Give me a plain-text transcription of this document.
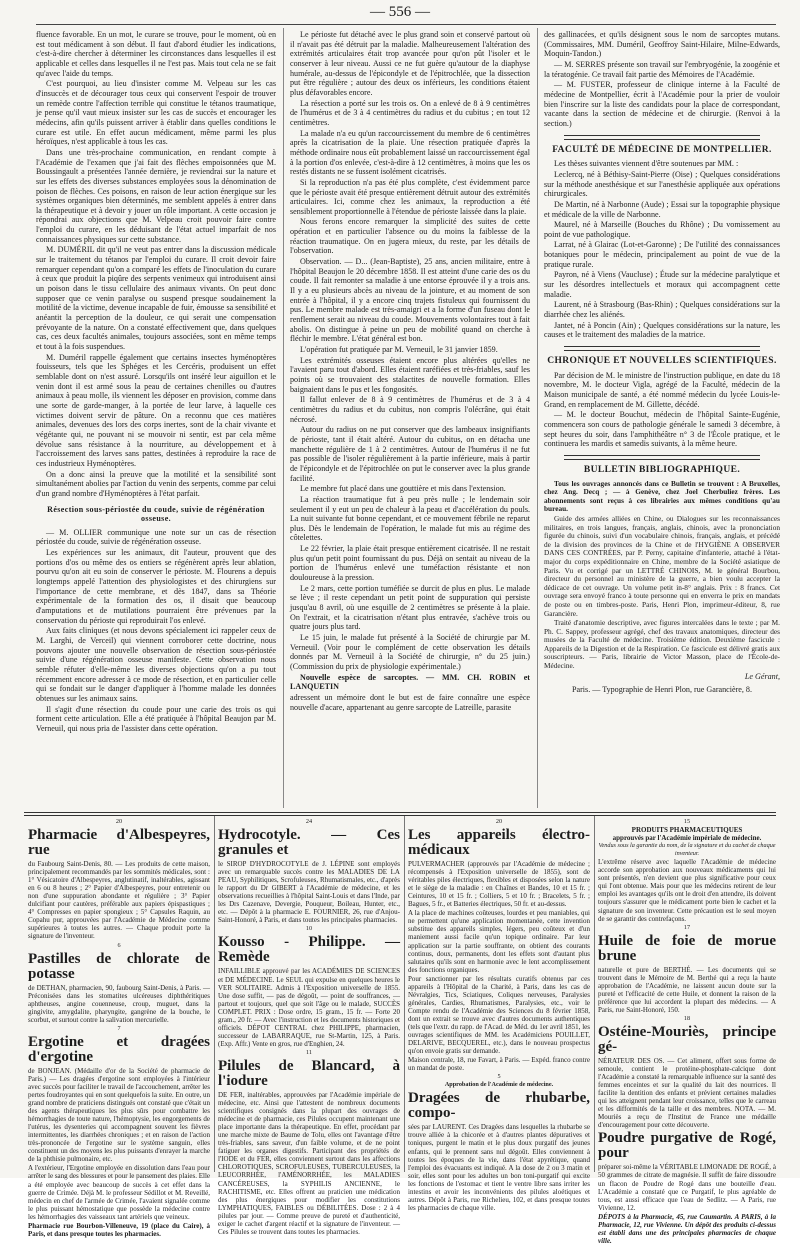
— 556 —

fluence favorable. En un mot, le curare se trouve, pour le moment, où en est tout médicament à son début. Il faut d'abord étudier les indications, c'est-à-dire chercher à déterminer les circonstances dans lesquelles il est applicable et celles dans lesquelles il ne l'est pas. Mais tout cela ne se fait qu'avec l'aide du temps.

C'est pourquoi, au lieu d'insister comme M. Velpeau sur les cas d'insuccès et de décourager tous ceux qui conservent l'espoir de trouver un remède contre l'affection terrible qui constitue le tétanos traumatique, je pense qu'il vaut mieux insister sur les cas de succès et encourager les médecins, afin qu'ils puissent arriver à établir dans quelles conditions le curare est utile. En effet aucun médicament, même parmi les plus héroïques, n'est applicable à tous les cas.

Dans une très-prochaine communication, en rendant compte à l'Académie de l'examen que j'ai fait des flèches empoisonnées que M. Boussingault a présentées l'année dernière, je reviendrai sur la nature et sur les effets des diverses substances employées sous la dénomination de poison de flèches. Ces poisons, en raison de leur action énergique sur les systèmes organiques bien déterminés, me semblent appelés à entrer dans la thérapeutique et à devoir y jouer un rôle important. A cette occasion je répondrai aux objections que M. Velpeau croit pouvoir faire contre l'emploi du curare, en les déduisant de l'état actuel imparfait de nos connaissances physiques sur cette substance.

M. DUMÉRIL dit qu'il ne veut pas entrer dans la discussion médicale sur le traitement du tétanos par l'emploi du curare. Il croit devoir faire remarquer cependant qu'on a comparé les effets de l'inoculation du curare à ceux que produit la piqûre des serpents venimeux qui introduisent ainsi un poison dans le tissu cellulaire des animaux vivants. On peut donc supposer que ce venin paralyse ou suspend presque soudainement la motilité de la victime, devenue incapable de fuir, émousse sa sensibilité et anéantit la perception de la douleur, ce qui serait une compensation prévoyante de la nature. On a constaté effectivement que, dans quelques cas, ces deux facultés animales, toujours associées, sont en même temps et tout à la fois suspendues.

M. Duméril rappelle également que certains insectes hyménoptères fouisseurs, tels que les Sphéges et les Cercéris, produisent un effet semblable dont on n'est assuré. Lorsqu'ils ont inséré leur aiguillon et le venin dont il est armé sous la peau de certaines chenilles ou d'autres animaux à peau molle, ils viennent les déposer en provision, comme dans une sorte de garde-manger, à la portée de leur larve, à laquelle ces victimes doivent servir de pâture. On a reconnu que ces matières animales, devenues des lors des corps inertes, sont de la chair vivante et végétante qui, ne pouvant ni se mouvoir ni sentir, est par cela même dévolue sans résistance à la nourriture, au développement et à l'accroissement des larves sans pattes, destinées à reproduire la race de ces industrieux Hyménoptères.

On a donc ainsi la preuve que la motilité et la sensibilité sont simultanément abolies par l'action du venin des serpents, comme par celui d'un grand nombre d'Hyménoptères à l'état parfait.

Résection sous-périostée du coude, suivie de régénération osseuse.

— M. OLLIER communique une note sur un cas de résection périostée du coude, suivie de régénération osseuse.

Les expériences sur les animaux, dit l'auteur, prouvent que des portions d'os ou même des os entiers se régénèrent après leur ablation, pourvu qu'on ait eu soin de conserver le périoste. M. Flourens a depuis longtemps appelé l'attention des physiologistes et des chirurgiens sur l'importance de cette membrane, et dès 1847, dans sa Théorie expérimentale de la formation des os, il disait que beaucoup d'amputations et de mutilations pourraient être prévenues par la conservation du périoste qui reproduirait l'os enlevé.

Aux faits cliniques (et nous devons spécialement ici rappeler ceux de M. Larghi, de Verceil) qui viennent corroborer cette doctrine, nous pouvons ajouter une nouvelle observation de résection sous-périostée suivie d'une régénération osseuse manifeste. Cette observation nous semble réfuter d'elle-même les diverses objections qu'on a pu tout récemment encore adresser à ce mode de résection, et en particulier celle qui se fondait sur le danger d'appliquer à l'homme malade les données obtenues sur les animaux sains.

Il s'agit d'une résection du coude pour une carie des trois os qui forment cette articulation. Elle a été pratiquée à l'hôpital Beaujon par M. Verneuil, qui nous pria de l'assister dans cette opération.

Le périoste fut détaché avec le plus grand soin et conservé partout où il n'avait pas été détruit par la maladie. Malheureusement l'altération des extrémités articulaires était trop avancée pour qu'on pût l'isoler et le conserver à leur niveau. Aussi ce ne fut guère qu'autour de la diaphyse humérale, au-dessus de l'épicondyle et de l'épitrochlée, que la dissection put être régulière ; autour des deux os inférieurs, les conditions étaient plus défavorables encore.

La résection a porté sur les trois os. On a enlevé de 8 à 9 centimètres de l'humérus et de 3 à 4 centimètres du radius et du cubitus ; en tout 12 centimètres.

La malade n'a eu qu'un raccourcissement du membre de 6 centimètres après la cicatrisation de la plaie. Une résection pratiquée d'après la méthode ordinaire nous eût probablement laissé un raccourcissement égal à la portion d'os enlevée, c'est-à-dire à 12 centimètres, à moins que les os restés distants ne se fussent isolément cicatrisés.

Si la reproduction n'a pas été plus complète, c'est évidemment parce que le périoste avait été presque entièrement détruit autour des extrémités articulaires. Ici, comme chez les animaux, la reproduction a été sensiblement proportionnelle à l'étendue de périoste laissée dans la plaie.

Nous ferons encore remarquer la simplicité des suites de cette opération et en particulier l'absence ou du moins la faiblesse de la réaction traumatique. On en jugera mieux, du reste, par les détails de l'observation.

Observation. — D... (Jean-Baptiste), 25 ans, ancien militaire, entre à l'hôpital Beaujon le 20 décembre 1858. Il est atteint d'une carie des os du coude. Il fait remonter sa maladie à une entorse éprouvée il y a trois ans. Il y a eu plusieurs abcès au niveau de la jointure, et au moment de son entrée à l'hôpital, il y a encore cinq trajets fistuleux qui fournissent du pus. Le membre malade est très-amaigri et a la forme d'un fuseau dont le renflement serait au niveau du coude. Mouvements volontaires tout à fait abolis. On distingue à peine un peu de mobilité quand on cherche à fléchir le membre. L'état général est bon.

L'opération fut pratiquée par M. Verneuil, le 31 janvier 1859.

Les extrémités osseuses étaient encore plus altérées qu'elles ne l'avaient paru tout d'abord. Elles étaient raréfiées et très-friables, sauf les points où se trouvaient des stalactites de nouvelle formation. Elles baignaient dans le pus et les fongosités.

Il fallut enlever de 8 à 9 centimètres de l'humérus et de 3 à 4 centimètres du radius et du cubitus, non compris l'olécrâne, qui était nécrosé.

Autour du radius on ne put conserver que des lambeaux insignifiants de périoste, tant il était altéré. Autour du cubitus, on en détacha une manchette régulière de 1 à 2 centimètres. Autour de l'humérus il ne fut pas possible de l'isoler régulièrement à la partie inférieure, mais à partir de l'épicondyle et de l'épitrochlée on put le conserver avec la plus grande facilité.

Le membre fut placé dans une gouttière et mis dans l'extension.

La réaction traumatique fut à peu près nulle ; le lendemain soir seulement il y eut un peu de chaleur à la peau et d'accélération du pouls. La nuit suivante fut bonne cependant, et ce mouvement fébrile ne reparut plus. Dès le lendemain de l'opération, le malade fut mis au régime des côtelettes.

Le 22 février, la plaie était presque entièrement cicatrisée. Il ne restait plus qu'un petit point fournissant du pus. Déjà on sentait au niveau de la portion de l'humérus enlevé une tuméfaction résistante et non douloureuse à la pression.

Le 2 mars, cette portion tuméfiée se durcit de plus en plus. Le malade se lève ; il reste cependant un petit point de suppuration qui persiste jusqu'au 8 avril, où une esquille de 2 centimètres se présente à la plaie. On l'extrait, et la cicatrisation n'étant plus entravée, s'achève trois ou quatre jours plus tard.

Le 15 juin, le malade fut présenté à la Société de chirurgie par M. Verneuil. (Voir pour le complément de cette observation les détails donnés par M. Verneuil à la Société de chirurgie, n° du 25 juin.) (Commission du prix de physiologie expérimentale.)

Nouvelle espèce de sarcoptes. — MM. CH. ROBIN et LANQUETIN

adressent un mémoire dont le but est de faire connaître une espèce nouvelle d'acare, appartenant au genre sarcopte de Latreille, parasite

des gallinacées, et qu'ils désignent sous le nom de sarcoptes mutans. (Commissaires, MM. Duméril, Geoffroy Saint-Hilaire, Milne-Edwards, Moquin-Tandon.)

— M. SERRES présente son travail sur l'embryogénie, la zoogénie et la tératogénie. Ce travail fait partie des Mémoires de l'Académie.

— M. FUSTER, professeur de clinique interne à la Faculté de médecine de Montpellier, écrit à l'Académie pour la prier de vouloir bien l'inscrire sur la liste des candidats pour la place de correspondant, vacante dans la section de médecine et de chirurgie. (Renvoi à la section.)

FACULTÉ DE MÉDECINE DE MONTPELLIER.

Les thèses suivantes viennent d'être soutenues par MM. :

Leclercq, né à Béthisy-Saint-Pierre (Oise) ; Quelques considérations sur la méthode anesthésique et sur l'anesthésie appliquée aux opérations chirurgicales.

De Martin, né à Narbonne (Aude) ; Essai sur la topographie physique et médicale de la ville de Narbonne.

Maurel, né à Marseille (Bouches du Rhône) ; Du vomissement au point de vue pathologique.

Larrat, né à Glairac (Lot-et-Garonne) ; De l'utilité des connaissances botaniques pour le médecin, principalement au point de vue de la pratique rurale.

Payron, né à Viens (Vaucluse) ; Étude sur la médecine paralytique et sur les désordres intellectuels et moraux qui accompagnent cette maladie.

Laurent, né à Strasbourg (Bas-Rhin) ; Quelques considérations sur la diarrhée chez les aliénés.

Jantet, né à Poncin (Ain) ; Quelques considérations sur la nature, les causes et le traitement des maladies de la matrice.

CHRONIQUE ET NOUVELLES SCIENTIFIQUES.

Par décision de M. le ministre de l'instruction publique, en date du 18 novembre, M. le docteur Vigla, agrégé de la Faculté, médecin de la Maison municipale de santé, a été nommé médecin du lycée Louis-le-Grand, en remplacement de M. Gillette, décédé.

— M. le docteur Bouchut, médecin de l'hôpital Sainte-Eugénie, commencera son cours de pathologie générale le samedi 3 décembre, à sept heures du soir, dans l'amphithéâtre n° 3 de l'École pratique, et le continuera les mardis et samedis suivants, à la même heure.

BULLETIN BIBLIOGRAPHIQUE.

Tous les ouvrages annoncés dans ce Bulletin se trouvent : A Bruxelles, chez Ang. Decq ; — à Genève, chez Joel Cherbuliez frères. Les abonnements sont reçus à ces librairies aux mêmes conditions qu'au bureau.

Guide des armées alliées en Chine, ou Dialogues sur les reconnaissances militaires, en trois langues, français, anglais, chinois, avec la prononciation figurée du chinois, suivi d'un vocabulaire chinois, français, anglais, et précédé de la division des provinces de la Chine et de l'HYGIÈNE A OBSERVER DANS CES CONTRÉES, par P. Perny, capitaine d'infanterie, attaché à l'état-major du corps expéditionnaire en Chine, membre de la Société asiatique de Paris. Vu et corrigé par un LETTRÉ CHINOIS, M. le général Bourbou, directeur du personnel au ministère de la guerre, a bien voulu accepter la dédicace de cet ouvrage. Un volume petit in-8° anglais. Prix : 8 francs. Cet ouvrage sera envoyé franco à toute personne qui en enverra le prix en mandats de poste ou en timbres-poste. Paris, Henri Plon, imprimeur-éditeur, 8, rue Garancière.

Traité d'anatomie descriptive, avec figures intercalées dans le texte ; par M. Ph. C. Sappey, professeur agrégé, chef des travaux anatomiques, directeur des musées de la Faculté de médecine. Troisième édition. Deuxième fascicule : Appareils de la Digestion et de la Respiration. Ce fascicule est délivré gratis aux souscripteurs. — Paris, librairie de Victor Masson, place de l'École-de-Médecine.

Le Gérant,

Paris. — Typographie de Henri Plon, rue Garancière, 8.

20
Pharmacie d'Albespeyres, rue

du Faubourg Saint-Denis, 80. — Les produits de cette maison, principalement recommandés par les sommités médicales, sont : 1° Vésicatoire d'Albespeyres, anglutinatif, inaltérables, agissant en 6 ou 8 heures ; 2° Papier d'Albespeyres, pour entretenir ou non d'une suppuration abondante et régulière ; 3° Papier dulcifiant pour cautères, préférable aux papiers épispastiques ; 4° Compresses en papier spongieux ; 5° Capsules Raquin, au Copahu pur, approuvées par l'Académie de Médecine comme supérieures à toutes les autres. — Chaque produit porte la signature de l'inventeur.

6
Pastilles de chlorate de potasse

de DETHAN, pharmacien, 90, faubourg Saint-Denis, à Paris. — Préconisées dans les stomatites ulcéreuses diphthéritiques aphtheuses, angine couenneuse, croup, muguet, dans la gingivite, amygdalite, pharyngite, gangrène de la bouche, le scorbut, et surtout contre la salivation mercurielle.

7
Ergotine et dragées d'ergotine

de BONJEAN. (Médaille d'or de la Société de pharmacie de Paris.) — Les dragées d'ergotine sont employées à l'intérieur avec succès pour faciliter le travail de l'accouchement, arrêter les pertes foudroyantes qui en sont quelquefois la suite. En outre, un grand nombre de praticiens distingués ont constaté que c'était un des agents thérapeutiques les plus sûrs pour combattre les hémorrhagies de toute nature, l'hémoptysie, les engorgements de l'utérus, les dysenteries qui accompagnent souvent les fièvres intermittentes, les diarrhées chroniques ; et en raison de l'action très-prononcée de l'ergotine sur le système sanguin, elles constituent un des moyens les plus puissants d'enrayer la marche de la phthisie pulmonaire, etc.

A l'extérieur, l'Ergotine employée en dissolution dans l'eau pour arrêter le sang des blessures et pour le pansement des plaies. Elle a été employée avec beaucoup de succès à cet effet dans la guerre de Crimée. Déjà M. le professeur Sédillot et M. Reveillé, médecin en chef de l'armée de Crimée, l'avaient signalée comme le plus puissant hémostatique que possède la médecine contre les hémorrhagies des vaisseaux tant artériels que veineux.

Pharmacie rue Bourbon-Villeneuve, 19 (place du Caire), à Paris, et dans presque toutes les pharmacies.

24
Hydrocotyle. — Ces granules et

le SIROP D'HYDROCOTYLE de J. LÉPINE sont employés avec un remarquable succès contre les MALADIES DE LA PEAU, Syphilitiques, Scrofuleuses, Rhumatismales, etc., d'après le rapport du Dr GIBERT à l'Académie de médecine, et les observations recueillies à l'hôpital Saint-Louis et dans l'Inde, par les Drs Cazenave, Devergie, Pouqueur, Boileau, Hunter, etc., etc. — Dépôt à la pharmacie E. FOURNIER, 26, rue d'Anjou-Saint-Honoré, à Paris, et dans toutes les principales pharmacies.

10
Kousso - Philippe. — Remède

INFAILLIBLE approuvé par les ACADÉMIES DE SCIENCES et DE MÉDECINE. Le SEUL qui expulse en quelques heures le VER SOLITAIRE. Admis à l'Exposition universelle de 1855. Une dose suffit, — pas de dégoût, — point de souffrances, — partout et toujours, quel que soit l'âge ou le malade, SUCCÈS COMPLET. PRIX : Dose ordre, 15 gram., 15 fr. — Forte 20 gram., 20 fr. — Avec l'instruction et les documents historiques et officiels. DÉPOT CENTRAL chez PHILIPPE, pharmacien, successeur de LABARRAQUE, rue St-Martin, 125, à Paris. (Exp. Affr.) Vente en gros, rue d'Enghien, 24.

11
Pilules de Blancard, à l'iodure

DE FER, inaltérables, approuvées par l'Académie impériale de médecine, etc. Ainsi que l'attestent de nombreux documents scientifiques consignés dans la plupart des ouvrages de médecine et de pharmacie, ces Pilules occupent maintenant une place importante dans la thérapeutique. En effet, procédant par une marche mixte de Baume de Tolu, elles ont l'avantage d'être très-friables, sans saveur, d'un faible volume, et de ne point fatiguer les organes digestifs. Participant des propriétés de l'IODE et du FER, elles conviennent surtout dans les affections CHLOROTIQUES, SCROFULEUSES, TUBERCULEUSES, la LEUCORRHÉE, l'AMÉNORRHÉE, les MALADIES CANCÉREUSES, la SYPHILIS ANCIENNE, le RACHITISME, etc. Elles offrent au praticien une médication des plus énergiques pour modifier les constitutions LYMPHATIQUES, FAIBLES ou DÉBILITÉES. Dose : 2 à 4 pilules par jour. — Comme preuve de pureté et d'authenticité, exiger le cachet d'argent réactif et la signature de l'inventeur. — Ces Pilules se trouvent dans toutes les pharmacies.

20
Les appareils électro-médicaux

PULVERMACHER (approuvés par l'Académie de médecine ; récompensés à l'Exposition universelle de 1855), sont de véritables piles électriques, flexibles et disposées selon la nature et le siège de la maladie : en Chaînes et Bandes, 10 et 15 fr. ; Ceintures, 10 et 15 fr. ; Colliers, 5 et 10 fr. ; Bracelets, 5 fr. ; Bagues, 5 fr., et Batteries électriques, 50 fr. et au-dessus.

A la place de machines coûteuses, lourdes et peu maniables, qui ne permettent qu'une application momentanée, cette invention substitue des appareils simples, légers, peu coûteux et d'un maniement aussi facile qu'un topique ordinaire. Par leur application sur la partie souffrante, on obtient des courants continus, doux, permanents, dont les effets sont d'autant plus salutaires qu'ils sont en harmonie avec le lent accomplissement des fonctions organiques.

Pour sanctionner par les résultats curatifs obtenus par ces appareils à l'Hôpital de la Charité, à Paris, dans les cas de Névralgies, Tics, Sciatiques, Coliques nerveuses, Paralysies générales, Cardies, Rhumatismes, Paralysies, etc., voir le Compte rendu de l'Académie des Sciences du 8 février 1858, dont un extrait se trouve avec d'autres documents authentiques (tels que l'extr. du rapp. de l'Acad. de Méd. du 1er avril 1851, les ouvrages scientifiques de MM. les Académiciens POUILLET, DELARIVE, BECQUEREL, etc.), dans le nouveau prospectus qu'on envoie gratis sur demande.

Maison centrale, 18, rue Favart, à Paris. — Expéd. franco contre un mandat de poste.

5
Approbation de l'Académie de médecine.
Dragées de rhubarbe, compo-

sées par LAURENT. Ces Dragées dans lesquelles la rhubarbe se trouve alliée à la chicorée et à d'autres plantes dépuratives et toniques, purgent le matin et le plus doux purgatif des jeunes enfants, qui le prennent sans nul dégoût. Elles conviennent à toutes les époques de la vie, dans l'état apyrétique, quand l'emploi des évacuants est indiqué. A la dose de 2 ou 3 matin et soir, elles sont pour les adultes un bon toni-purgatif qui excite les fonctions de l'estomac et tient le ventre libre sans irriter les intestins et avoir les inconvénients des pilules aloétiques et autres. Dépôt à Paris, rue Richelieu, 102, et dans presque toutes les pharmacies de chaque ville.

15
PRODUITS PHARMACEUTIQUES
approuvés par l'Académie impériale de médecine.
Vendus sous la garantie du nom, de la signature et du cachet de chaque inventeur.

L'extrême réserve avec laquelle l'Académie de médecine accorde son approbation aux nouveaux médicaments qui lui sont présentés, n'en devient que plus significative pour ceux qui l'ont obtenue. Mais pour que les médecins retirent de leur emploi les avantages qu'ils ont le droit d'en attendre, ils doivent toujours s'assurer que le médicament porte bien le cachet et la signature de son inventeur. Cette précaution est le seul moyen de se garantir des contrefaçons.

17
Huile de foie de morue brune

naturelle et pure de BERTHÉ. — Les documents qui se trouvent dans le Mémoire de M. Berthé qui a reçu la haute approbation de l'Académie, ne laissent aucun doute sur la pureté et l'efficacité de cette Huile, et donnent la raison de la préférence que lui accordent la plupart des médecins. — A Paris, rue Saint-Honoré, 150.

18
Ostéine-Mouriès, principe gé-

NÉRATEUR DES OS. — Cet aliment, offert sous forme de semoule, contient le protéine-phosphate-calcique dont l'Académie a constaté la remarquable influence sur la santé des femmes enceintes et sur la qualité du lait des nourrices. Il facilite la dentition des enfants et prévient certaines maladies qui les atteignent pendant leur croissance, telles que le carreau et les difformités de la taille et des membres. NOTA. — M. Mouriès a reçu de l'Institut de France une médaille d'encouragement pour cette découverte.

Poudre purgative de Rogé, pour

préparer soi-même la VÉRITABLE LIMONADE DE ROGÉ, à 50 grammes de citrate de magnésie. Il suffit de faire dissoudre un flacon de Poudre de Rogé dans une bouteille d'eau. L'Académie a constaté que ce Purgatif, le plus agréable de tous, est aussi efficace que l'eau de Sedlitz. — A Paris, rue Vivienne, 12.

DÉPOTS à la Pharmacie, 45, rue Caumartin. A PARIS, à la Pharmacie, 12, rue Vivienne. Un dépôt des produits ci-dessus est établi dans une des principales pharmacies de chaque ville.
